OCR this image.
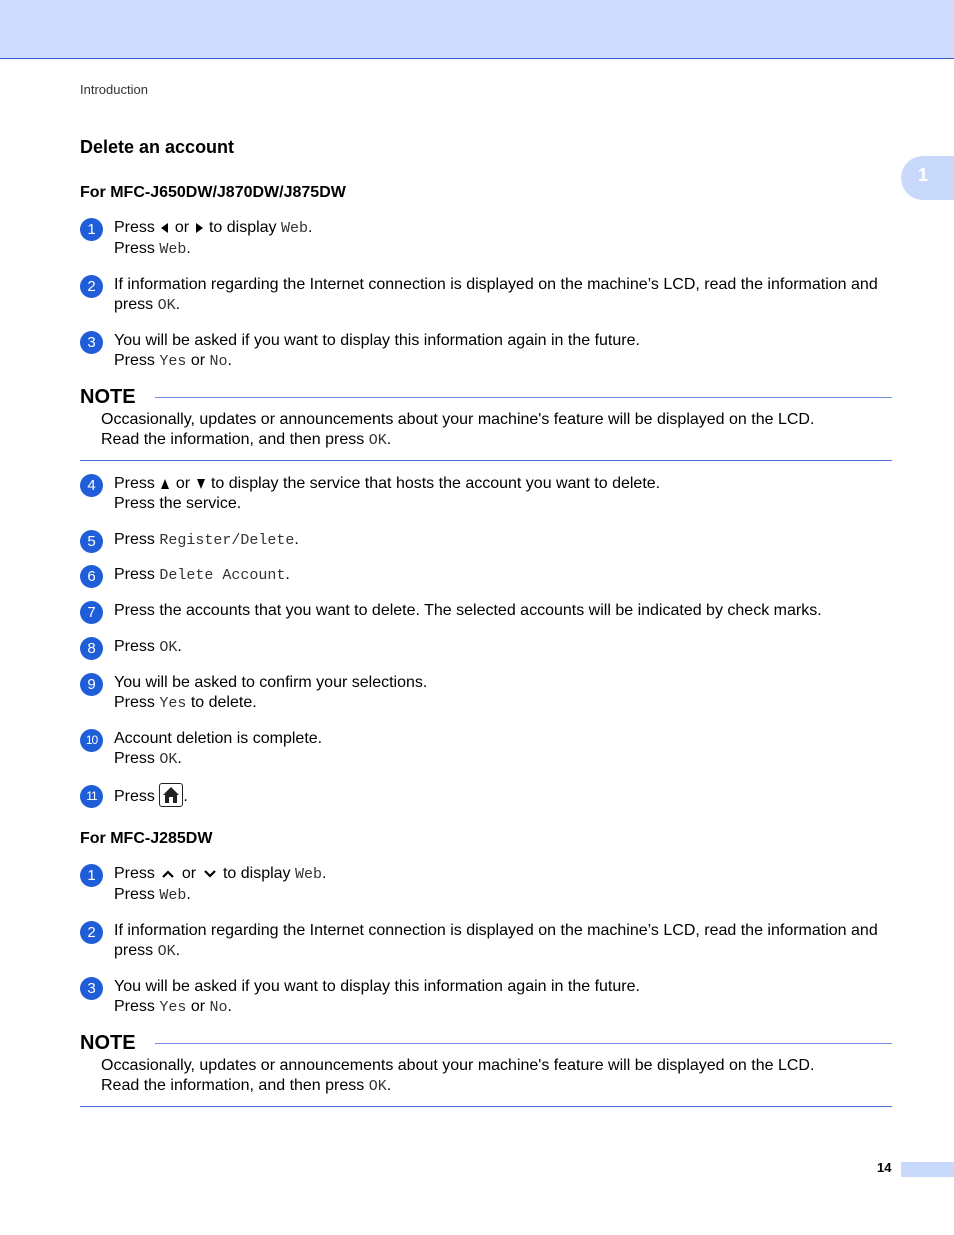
Introduction
1
Delete an account
For MFC-J650DW/J870DW/J875DW
1	Press or to display Web.
Press Web.
2	If information regarding the Internet connection is displayed on the machine’s LCD, read the information and press OK.
3	You will be asked if you want to display this information again in the future.
Press Yes or No.
NOTE
Occasionally, updates or announcements about your machine's feature will be displayed on the LCD.
Read the information, and then press OK.
4	Press or to display the service that hosts the account you want to delete.
Press the service.
5	Press Register/Delete.
6	Press Delete Account.
7	Press the accounts that you want to delete. The selected accounts will be indicated by check marks.
8	Press OK.
9	You will be asked to confirm your selections.
Press Yes to delete.
10	Account deletion is complete.
Press OK.
11	Press .
For MFC-J285DW
1	Press or to display Web.
Press Web.
2	If information regarding the Internet connection is displayed on the machine’s LCD, read the information and press OK.
3	You will be asked if you want to display this information again in the future.
Press Yes or No.
NOTE
Occasionally, updates or announcements about your machine's feature will be displayed on the LCD.
Read the information, and then press OK.
14
